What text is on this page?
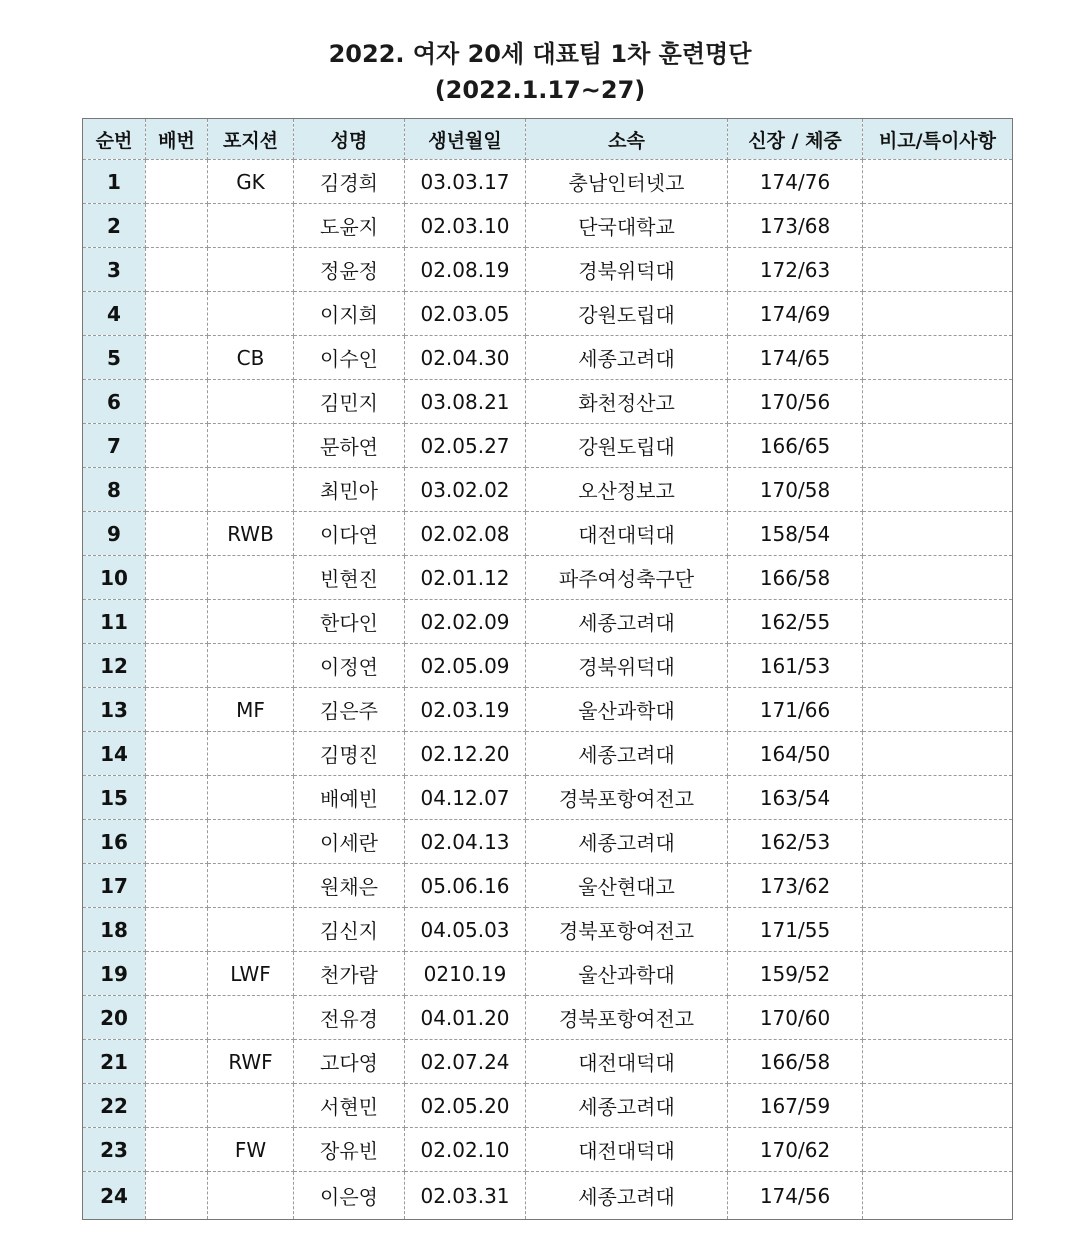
2022. 여자 20세 대표팀 1차 훈련명단
(2022.1.17~27)
순번	배번	포지션	성명	생년월일	소속	신장 / 체중	비고/특이사항
1		GK	김경희	03.03.17	충남인터넷고	174/76	
2			도윤지	02.03.10	단국대학교	173/68	
3			정윤정	02.08.19	경북위덕대	172/63	
4			이지희	02.03.05	강원도립대	174/69	
5		CB	이수인	02.04.30	세종고려대	174/65	
6			김민지	03.08.21	화천정산고	170/56	
7			문하연	02.05.27	강원도립대	166/65	
8			최민아	03.02.02	오산정보고	170/58	
9		RWB	이다연	02.02.08	대전대덕대	158/54	
10			빈현진	02.01.12	파주여성축구단	166/58	
11			한다인	02.02.09	세종고려대	162/55	
12			이정연	02.05.09	경북위덕대	161/53	
13		MF	김은주	02.03.19	울산과학대	171/66	
14			김명진	02.12.20	세종고려대	164/50	
15			배예빈	04.12.07	경북포항여전고	163/54	
16			이세란	02.04.13	세종고려대	162/53	
17			원채은	05.06.16	울산현대고	173/62	
18			김신지	04.05.03	경북포항여전고	171/55	
19		LWF	천가람	0210.19	울산과학대	159/52	
20			전유경	04.01.20	경북포항여전고	170/60	
21		RWF	고다영	02.07.24	대전대덕대	166/58	
22			서현민	02.05.20	세종고려대	167/59	
23		FW	장유빈	02.02.10	대전대덕대	170/62	
24			이은영	02.03.31	세종고려대	174/56	
